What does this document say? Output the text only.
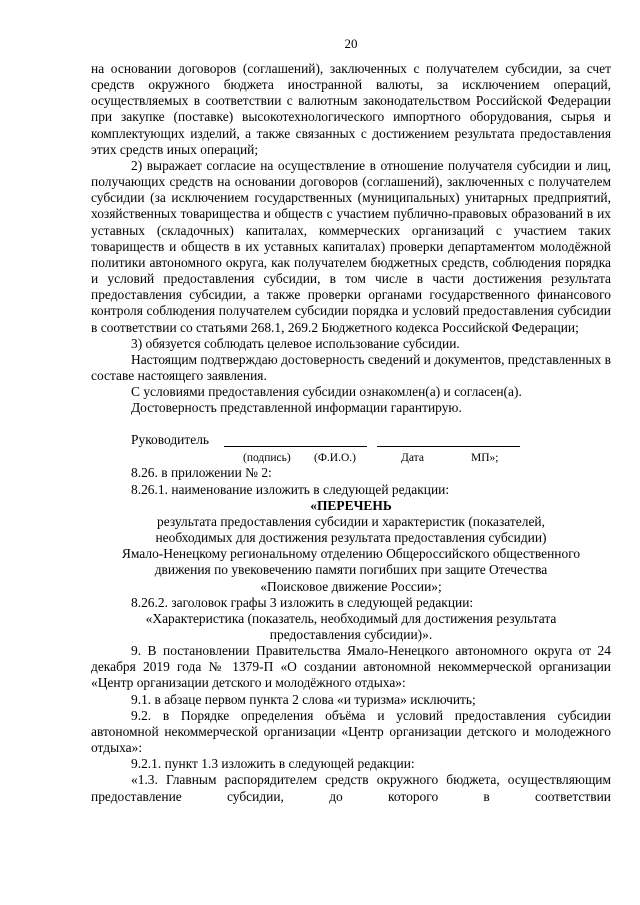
20

на основании договоров (соглашений), заключенных с получателем субсидии, за счет средств окружного бюджета иностранной валюты, за исключением операций, осуществляемых в соответствии с валютным законодательством Российской Федерации при закупке (поставке) высокотехнологического импортного оборудования, сырья и комплектующих изделий, а также связанных с достижением результата предоставления этих средств иных операций;

2) выражает согласие на осуществление в отношение получателя субсидии и лиц, получающих средств на основании договоров (соглашений), заключенных с получателем субсидии (за исключением государственных (муниципальных) унитарных предприятий, хозяйственных товарищества и обществ с участием публично-правовых образований в их уставных (складочных) капиталах, коммерческих организаций с участием таких товариществ и обществ в их уставных капиталах) проверки департаментом молодёжной политики автономного округа, как получателем бюджетных средств, соблюдения порядка и условий предоставления субсидии, в том числе в части достижения результата предоставления субсидии, а также проверки органами государственного финансового контроля соблюдения получателем субсидии порядка и условий предоставления субсидии в соответствии со статьями 268.1, 269.2 Бюджетного кодекса Российской Федерации;

3) обязуется соблюдать целевое использование субсидии.

Настоящим подтверждаю достоверность сведений и документов, представленных в составе настоящего заявления.

С условиями предоставления субсидии ознакомлен(а) и согласен(а).

Достоверность представленной информации гарантирую.

Руководитель
(подпись) (Ф.И.О.)	Дата	МП»;

8.26. в приложении № 2:

8.26.1. наименование изложить в следующей редакции:

«ПЕРЕЧЕНЬ

результата предоставления субсидии и характеристик (показателей,

необходимых для достижения результата предоставления субсидии)

Ямало-Ненецкому региональному отделению Общероссийского общественного

движения по увековечению памяти погибших при защите Отечества

«Поисковое движение России»;

8.26.2. заголовок графы 3 изложить в следующей редакции:

«Характеристика (показатель, необходимый для достижения результата

предоставления субсидии)».

9. В постановлении Правительства Ямало-Ненецкого автономного округа от 24 декабря 2019 года № 1379-П «О создании автономной некоммерческой организации «Центр организации детского и молодёжного отдыха»:

9.1. в абзаце первом пункта 2 слова «и туризма» исключить;

9.2. в Порядке определения объёма и условий предоставления субсидии автономной некоммерческой организации «Центр организации детского и молодежного отдыха»:

9.2.1. пункт 1.3 изложить в следующей редакции:

«1.3. Главным распорядителем средств окружного бюджета, осуществляющим предоставление субсидии, до которого в соответствии
